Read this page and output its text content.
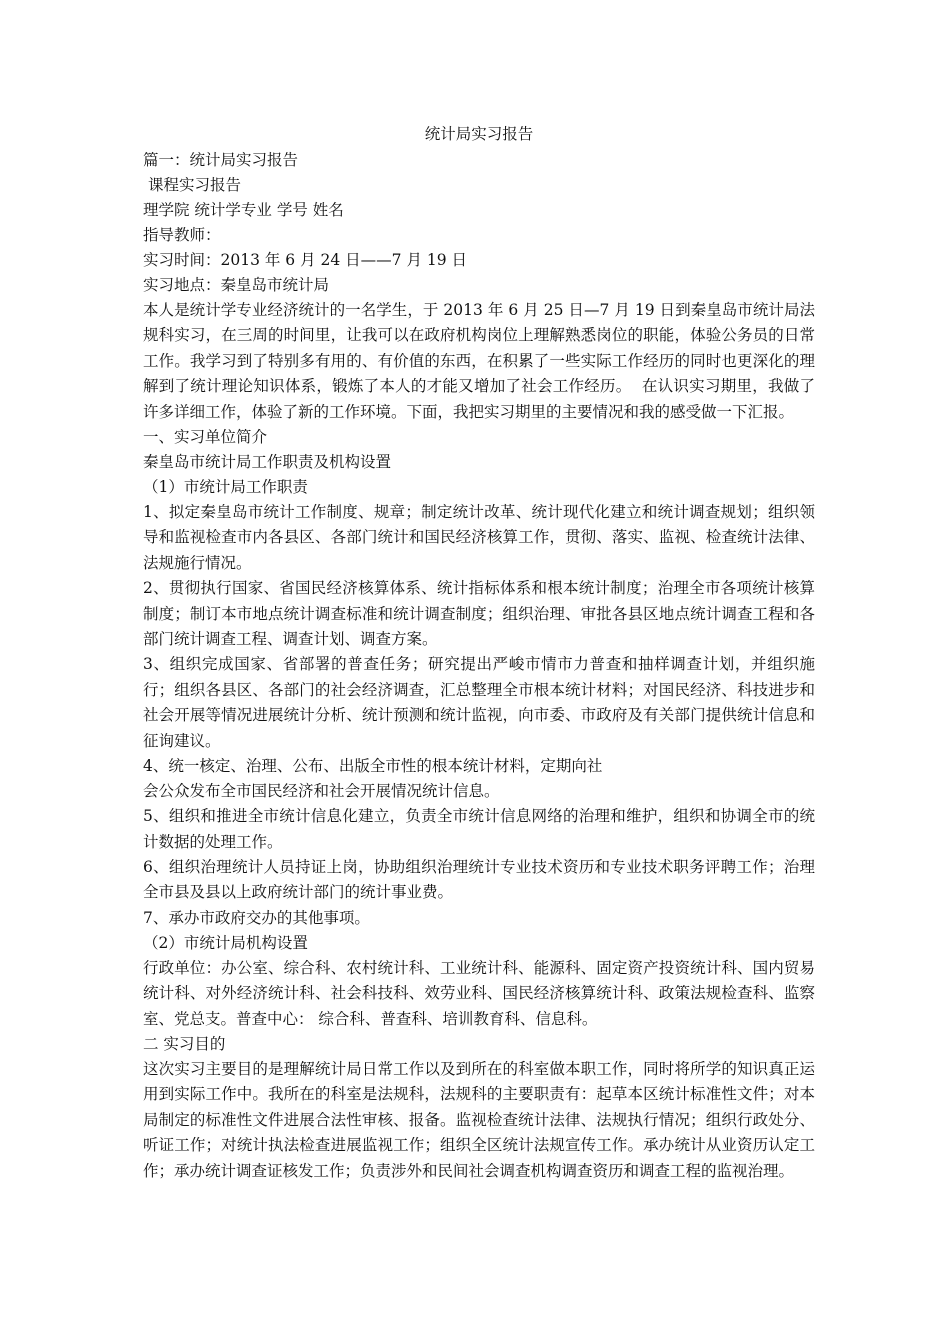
统计局实习报告

篇一：统计局实习报告

课程实习报告

理学院 统计学专业 学号 姓名

指导教师：

实习时间：2013 年 6 月 24 日——7 月 19 日

实习地点：秦皇岛市统计局

本人是统计学专业经济统计的一名学生，于 2013 年 6 月 25 日—7 月 19 日到秦皇岛市统计局法规科实习，在三周的时间里，让我可以在政府机构岗位上理解熟悉岗位的职能，体验公务员的日常工作。我学习到了特别多有用的、有价值的东西，在积累了一些实际工作经历的同时也更深化的理解到了统计理论知识体系，锻炼了本人的才能又增加了社会工作经历。  在认识实习期里，我做了许多详细工作，体验了新的工作环境。下面，我把实习期里的主要情况和我的感受做一下汇报。

一、实习单位简介

秦皇岛市统计局工作职责及机构设置

（1）市统计局工作职责

1、拟定秦皇岛市统计工作制度、规章；制定统计改革、统计现代化建立和统计调查规划；组织领导和监视检查市内各县区、各部门统计和国民经济核算工作，贯彻、落实、监视、检查统计法律、法规施行情况。

2、贯彻执行国家、省国民经济核算体系、统计指标体系和根本统计制度；治理全市各项统计核算制度；制订本市地点统计调查标准和统计调查制度；组织治理、审批各县区地点统计调查工程和各部门统计调查工程、调查计划、调查方案。

3、组织完成国家、省部署的普查任务；研究提出严峻市情市力普查和抽样调查计划，并组织施行；组织各县区、各部门的社会经济调查，汇总整理全市根本统计材料；对国民经济、科技进步和社会开展等情况进展统计分析、统计预测和统计监视，向市委、市政府及有关部门提供统计信息和征询建议。

4、统一核定、治理、公布、出版全市性的根本统计材料，定期向社

会公众发布全市国民经济和社会开展情况统计信息。

5、组织和推进全市统计信息化建立，负责全市统计信息网络的治理和维护，组织和协调全市的统计数据的处理工作。

6、组织治理统计人员持证上岗，协助组织治理统计专业技术资历和专业技术职务评聘工作；治理全市县及县以上政府统计部门的统计事业费。

7、承办市政府交办的其他事项。

（2）市统计局机构设置

行政单位：办公室、综合科、农村统计科、工业统计科、能源科、固定资产投资统计科、国内贸易统计科、对外经济统计科、社会科技科、效劳业科、国民经济核算统计科、政策法规检查科、监察室、党总支。普查中心： 综合科、普查科、培训教育科、信息科。

二 实习目的

这次实习主要目的是理解统计局日常工作以及到所在的科室做本职工作，同时将所学的知识真正运用到实际工作中。我所在的科室是法规科，法规科的主要职责有：起草本区统计标准性文件；对本局制定的标准性文件进展合法性审核、报备。监视检查统计法律、法规执行情况；组织行政处分、听证工作；对统计执法检查进展监视工作；组织全区统计法规宣传工作。承办统计从业资历认定工作；承办统计调查证核发工作；负责涉外和民间社会调查机构调查资历和调查工程的监视治理。
